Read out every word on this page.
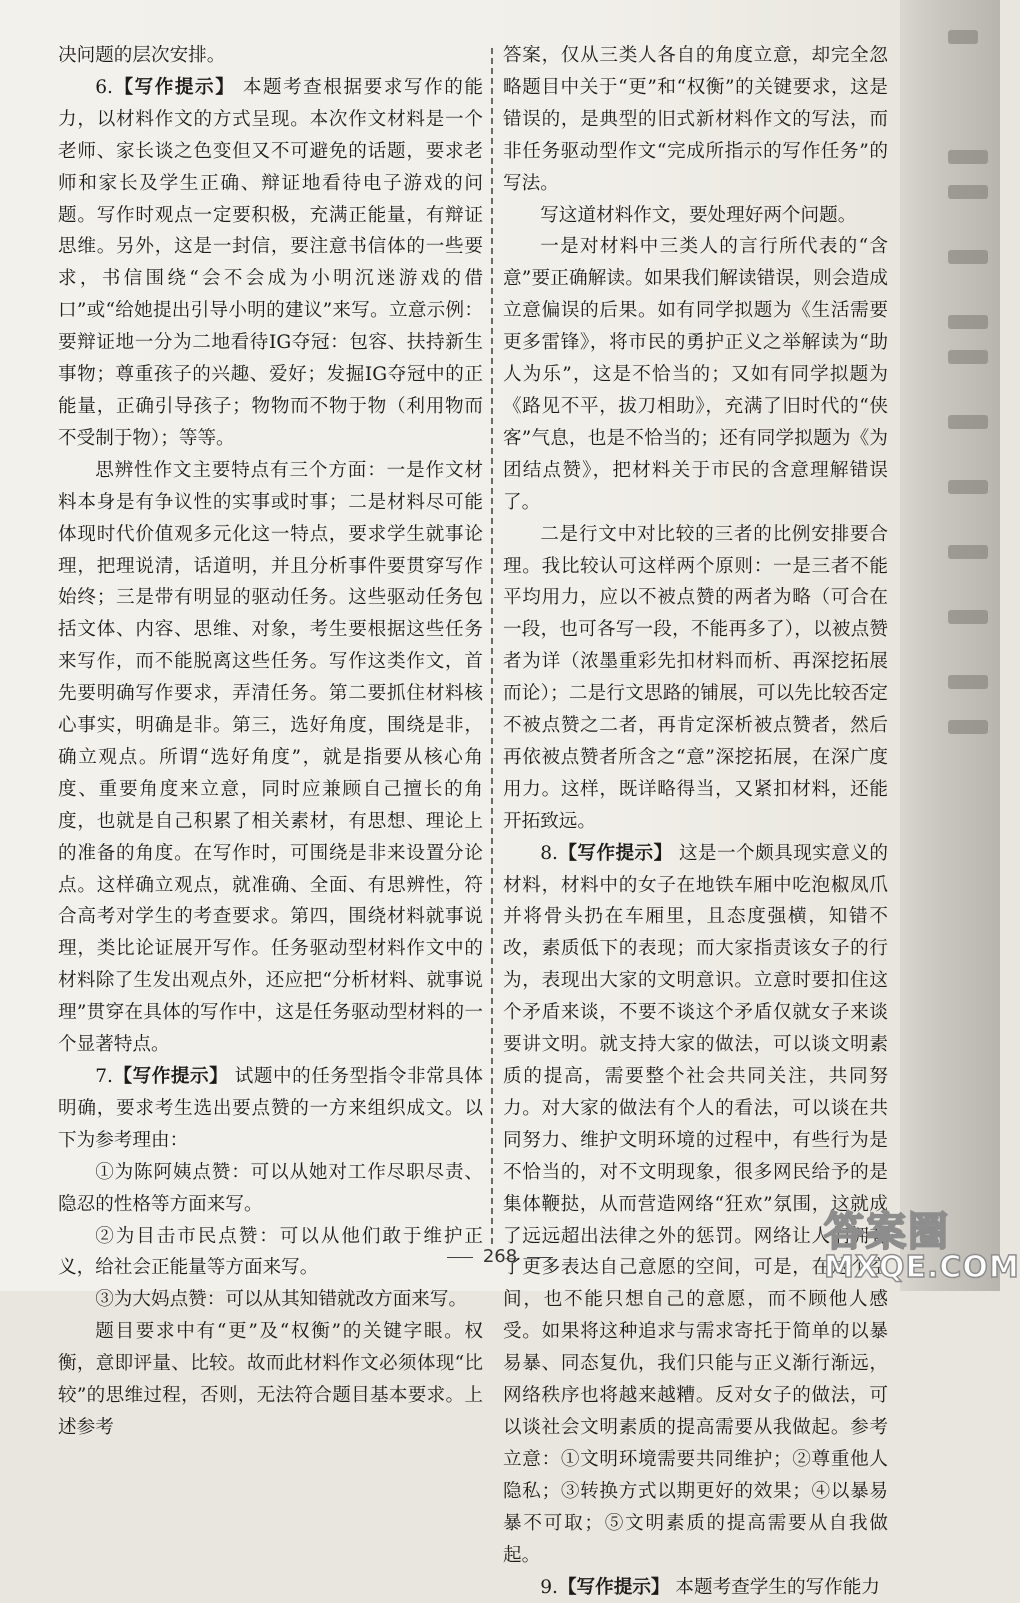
决问题的层次安排。

6.【写作提示】 本题考查根据要求写作的能力，以材料作文的方式呈现。本次作文材料是一个老师、家长谈之色变但又不可避免的话题，要求老师和家长及学生正确、辩证地看待电子游戏的问题。写作时观点一定要积极，充满正能量，有辩证思维。另外，这是一封信，要注意书信体的一些要求，书信围绕“会不会成为小明沉迷游戏的借口”或“给她提出引导小明的建议”来写。立意示例：要辩证地一分为二地看待IG夺冠：包容、扶持新生事物；尊重孩子的兴趣、爱好；发掘IG夺冠中的正能量，正确引导孩子；物物而不物于物（利用物而不受制于物）；等等。

思辨性作文主要特点有三个方面：一是作文材料本身是有争议性的实事或时事；二是材料尽可能体现时代价值观多元化这一特点，要求学生就事论理，把理说清，话道明，并且分析事件要贯穿写作始终；三是带有明显的驱动任务。这些驱动任务包括文体、内容、思维、对象，考生要根据这些任务来写作，而不能脱离这些任务。写作这类作文，首先要明确写作要求，弄清任务。第二要抓住材料核心事实，明确是非。第三，选好角度，围绕是非，确立观点。所谓“选好角度”，就是指要从核心角度、重要角度来立意，同时应兼顾自己擅长的角度，也就是自己积累了相关素材，有思想、理论上的准备的角度。在写作时，可围绕是非来设置分论点。这样确立观点，就准确、全面、有思辨性，符合高考对学生的考查要求。第四，围绕材料就事说理，类比论证展开写作。任务驱动型材料作文中的材料除了生发出观点外，还应把“分析材料、就事说理”贯穿在具体的写作中，这是任务驱动型材料的一个显著特点。

7.【写作提示】 试题中的任务型指令非常具体明确，要求考生选出要点赞的一方来组织成文。以下为参考理由：

①为陈阿姨点赞：可以从她对工作尽职尽责、隐忍的性格等方面来写。

②为目击市民点赞：可以从他们敢于维护正义，给社会正能量等方面来写。

③为大妈点赞：可以从其知错就改方面来写。

题目要求中有“更”及“权衡”的关键字眼。权衡，意即评量、比较。故而此材料作文必须体现“比较”的思维过程，否则，无法符合题目基本要求。上述参考

答案，仅从三类人各自的角度立意，却完全忽略题目中关于“更”和“权衡”的关键要求，这是错误的，是典型的旧式新材料作文的写法，而非任务驱动型作文“完成所指示的写作任务”的写法。

写这道材料作文，要处理好两个问题。

一是对材料中三类人的言行所代表的“含意”要正确解读。如果我们解读错误，则会造成立意偏误的后果。如有同学拟题为《生活需要更多雷锋》，将市民的勇护正义之举解读为“助人为乐”，这是不恰当的；又如有同学拟题为《路见不平，拔刀相助》，充满了旧时代的“侠客”气息，也是不恰当的；还有同学拟题为《为团结点赞》，把材料关于市民的含意理解错误了。

二是行文中对比较的三者的比例安排要合理。我比较认可这样两个原则：一是三者不能平均用力，应以不被点赞的两者为略（可合在一段，也可各写一段，不能再多了），以被点赞者为详（浓墨重彩先扣材料而析、再深挖拓展而论）；二是行文思路的铺展，可以先比较否定不被点赞之二者，再肯定深析被点赞者，然后再依被点赞者所含之“意”深挖拓展，在深广度用力。这样，既详略得当，又紧扣材料，还能开拓致远。

8.【写作提示】 这是一个颇具现实意义的材料，材料中的女子在地铁车厢中吃泡椒凤爪并将骨头扔在车厢里，且态度强横，知错不改，素质低下的表现；而大家指责该女子的行为，表现出大家的文明意识。立意时要扣住这个矛盾来谈，不要不谈这个矛盾仅就女子来谈要讲文明。就支持大家的做法，可以谈文明素质的提高，需要整个社会共同关注，共同努力。对大家的做法有个人的看法，可以谈在共同努力、维护文明环境的过程中，有些行为是不恰当的，对不文明现象，很多网民给予的是集体鞭挞，从而营造网络“狂欢”氛围，这就成了远远超出法律之外的惩罚。网络让人们拥有了更多表达自己意愿的空间，可是，在这个空间，也不能只想自己的意愿，而不顾他人感受。如果将这种追求与需求寄托于简单的以暴易暴、同态复仇，我们只能与正义渐行渐远，网络秩序也将越来越糟。反对女子的做法，可以谈社会文明素质的提高需要从我做起。参考立意：①文明环境需要共同维护；②尊重他人隐私；③转换方式以期更好的效果；④以暴易暴不可取；⑤文明素质的提高需要从自我做起。

9.【写作提示】 本题考查学生的写作能力

268
答案圈
MXQE.COM
